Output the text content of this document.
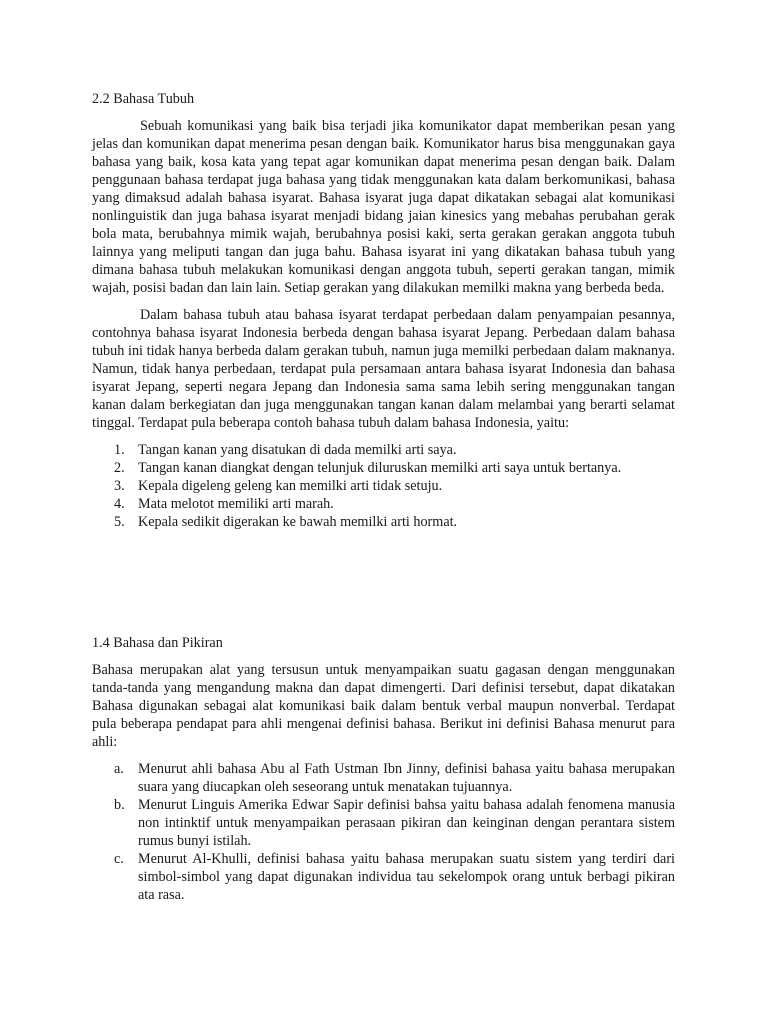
2.2 Bahasa Tubuh

Sebuah komunikasi yang baik bisa terjadi jika komunikator dapat memberikan pesan yang jelas dan komunikan dapat menerima pesan dengan baik. Komunikator harus bisa menggunakan gaya bahasa yang baik, kosa kata yang tepat agar komunikan dapat menerima pesan dengan baik. Dalam penggunaan bahasa terdapat juga bahasa yang tidak menggunakan kata dalam berkomunikasi, bahasa yang dimaksud adalah bahasa isyarat. Bahasa isyarat juga dapat dikatakan sebagai alat komunikasi nonlinguistik dan juga bahasa isyarat menjadi bidang jaian kinesics yang mebahas perubahan gerak bola mata, berubahnya mimik wajah, berubahnya posisi kaki, serta gerakan gerakan anggota tubuh lainnya yang meliputi tangan dan juga bahu. Bahasa isyarat ini yang dikatakan bahasa tubuh yang dimana bahasa tubuh melakukan komunikasi dengan anggota tubuh, seperti gerakan tangan, mimik wajah, posisi badan dan lain lain. Setiap gerakan yang dilakukan memilki makna yang berbeda beda.

Dalam bahasa tubuh atau bahasa isyarat terdapat perbedaan dalam penyampaian pesannya, contohnya bahasa isyarat Indonesia berbeda dengan bahasa isyarat Jepang. Perbedaan dalam bahasa tubuh ini tidak hanya berbeda dalam gerakan tubuh, namun juga memilki perbedaan dalam maknanya. Namun, tidak hanya perbedaan, terdapat pula persamaan antara bahasa isyarat Indonesia dan bahasa isyarat Jepang, seperti negara Jepang dan Indonesia sama sama lebih sering menggunakan tangan kanan dalam berkegiatan dan juga menggunakan tangan kanan dalam melambai yang berarti selamat tinggal. Terdapat pula beberapa contoh bahasa tubuh dalam bahasa Indonesia, yaitu:

1. Tangan kanan yang disatukan di dada memilki arti saya.
2. Tangan kanan diangkat dengan telunjuk diluruskan memilki arti saya untuk bertanya.
3. Kepala digeleng geleng kan memilki arti tidak setuju.
4. Mata melotot memiliki arti marah.
5. Kepala sedikit digerakan ke bawah memilki arti hormat.
1.4 Bahasa dan Pikiran

Bahasa merupakan alat yang tersusun untuk menyampaikan suatu gagasan dengan menggunakan tanda-tanda yang mengandung makna dan dapat dimengerti. Dari definisi tersebut, dapat dikatakan Bahasa digunakan sebagai alat komunikasi baik dalam bentuk verbal maupun nonverbal. Terdapat pula beberapa pendapat para ahli mengenai definisi bahasa. Berikut ini definisi Bahasa menurut para ahli:

a. Menurut ahli bahasa Abu al Fath Ustman Ibn Jinny, definisi bahasa yaitu bahasa merupakan suara yang diucapkan oleh seseorang untuk menatakan tujuannya.
b. Menurut Linguis Amerika Edwar Sapir definisi bahsa yaitu bahasa adalah fenomena manusia non intinktif untuk menyampaikan perasaan pikiran dan keinginan dengan perantara sistem rumus bunyi istilah.
c. Menurut Al-Khulli, definisi bahasa yaitu bahasa merupakan suatu sistem yang terdiri dari simbol-simbol yang dapat digunakan individua tau sekelompok orang untuk berbagi pikiran ata rasa.
